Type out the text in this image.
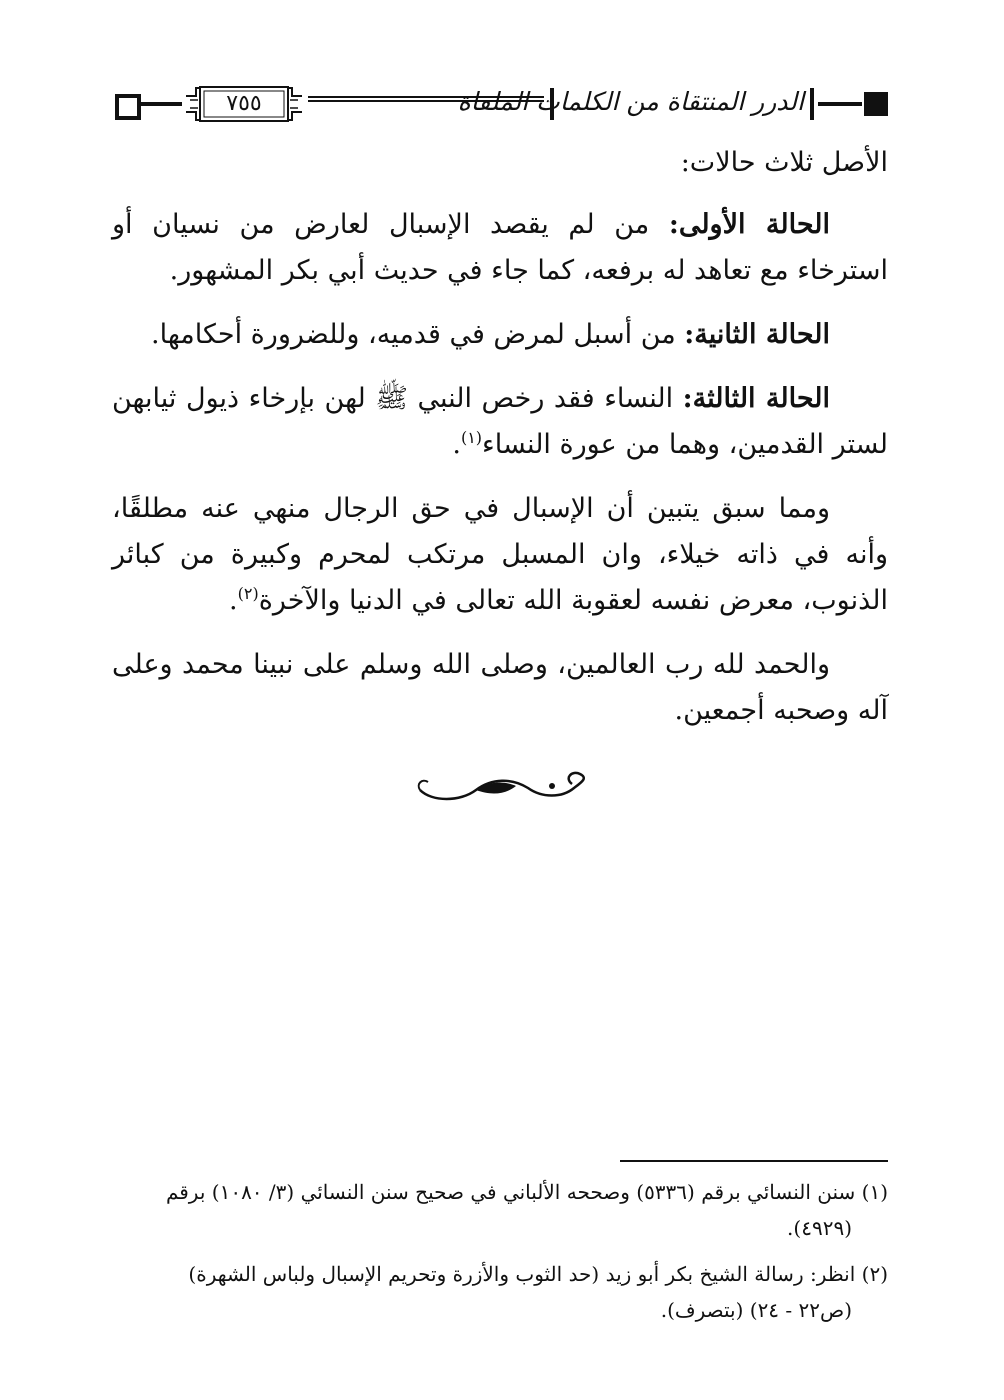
٧٥٥	الدرر المنتقاة من الكلمات الملقاة

الأصل ثلاث حالات:

الحالة الأولى: من لم يقصد الإسبال لعارض من نسيان أو استرخاء مع تعاهد له برفعه، كما جاء في حديث أبي بكر المشهور.

الحالة الثانية: من أسبل لمرض في قدميه، وللضرورة أحكامها.

الحالة الثالثة: النساء فقد رخص النبي ﷺ لهن بإرخاء ذيول ثيابهن لستر القدمين، وهما من عورة النساء$^{(١)}$.

ومما سبق يتبين أن الإسبال في حق الرجال منهي عنه مطلقًا، وأنه في ذاته خيلاء، وان المسبل مرتكب لمحرم وكبيرة من كبائر الذنوب، معرض نفسه لعقوبة الله تعالى في الدنيا والآخرة$^{(٢)}$.

والحمد لله رب العالمين، وصلى الله وسلم على نبينا محمد وعلى آله وصحبه أجمعين.

(١) سنن النسائي برقم (٥٣٣٦) وصححه الألباني في صحيح سنن النسائي (٣/ ١٠٨٠) برقم
(٤٩٢٩).

(٢) انظر: رسالة الشيخ بكر أبو زيد (حد الثوب والأزرة وتحريم الإسبال ولباس الشهرة)
(ص٢٢ - ٢٤) (بتصرف).
